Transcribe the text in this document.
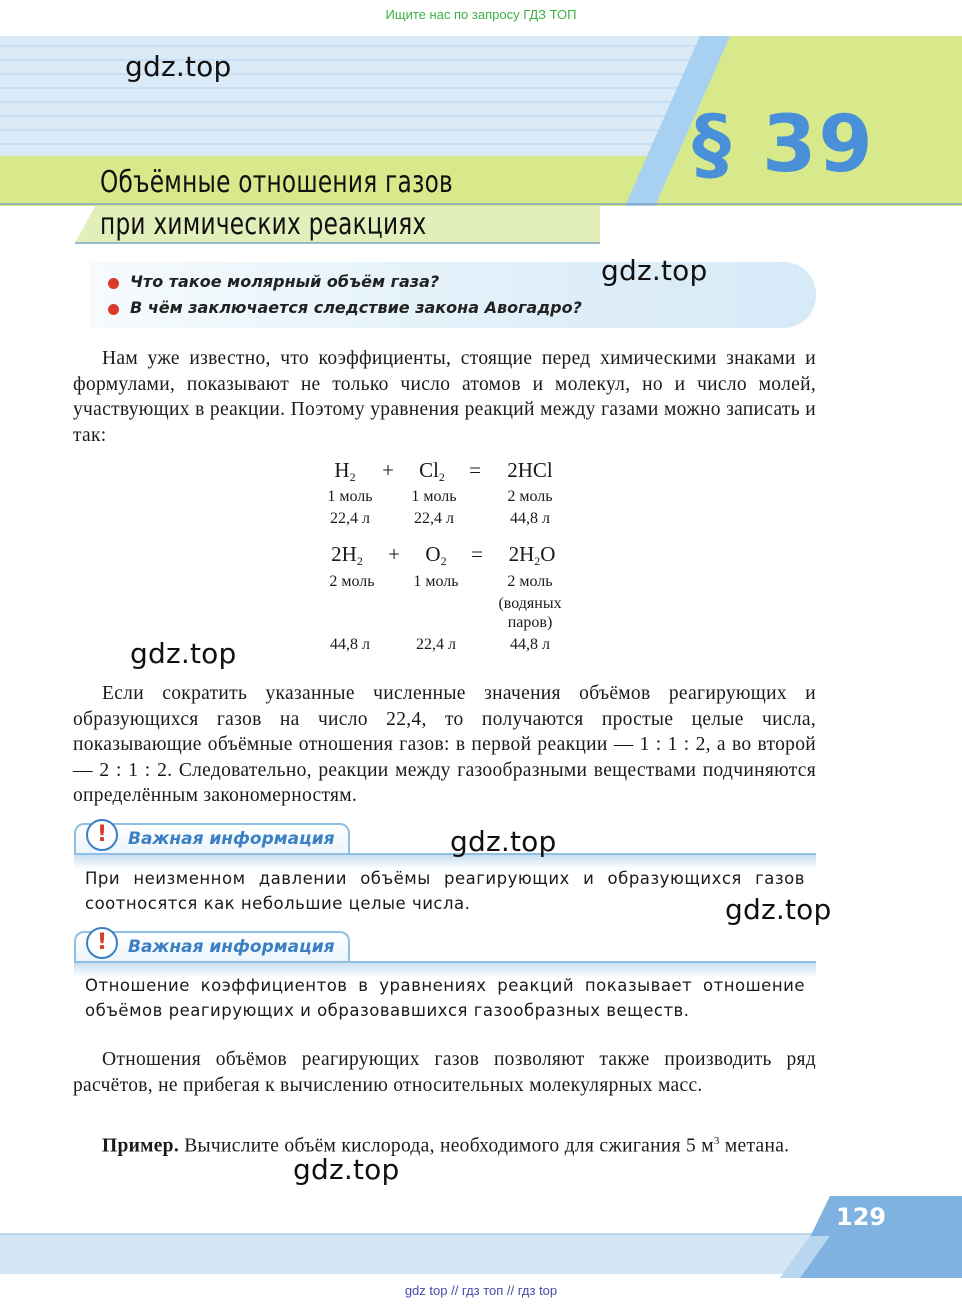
Ищите нас по запросу ГДЗ ТОП
gdz.top
§ 39
Объёмные отношения газов
при химических реакциях
Что такое молярный объём газа?
В чём заключается следствие закона Авогадро?
gdz.top
Нам уже известно, что коэффициенты, стоящие перед химическими знаками и формулами, показывают не только число атомов и молекул, но и число молей, участвующих в реакции. Поэтому уравнения реакций между газами можно записать и так:
$H_2$	+	$Cl_2$	=	2HCl
1 моль	1 моль	2 моль
22,4 л	22,4 л	44,8 л
$2H_2$	+	$O_2$	=	$2H_2O$
2 моль	1 моль	2 моль
(водяных
паров)
44,8 л	22,4 л	44,8 л
gdz.top
Если сократить указанные численные значения объёмов реагирующих и образующихся газов на число 22,4, то получаются простые целые числа, показывающие объёмные отношения газов: в первой реакции — 1 : 1 : 2, а во второй — 2 : 1 : 2. Следовательно, реакции между газообразными веществами подчиняются определённым закономерностям.
!	Важная информация
При неизменном давлении объёмы реагирующих и образующихся газов соотносятся как небольшие целые числа.
gdz.top
gdz.top
!	Важная информация
Отношение коэффициентов в уравнениях реакций показывает отношение объёмов реагирующих и образовавшихся газообразных веществ.
Отношения объёмов реагирующих газов позволяют также производить ряд расчётов, не прибегая к вычислению относительных молекулярных масс.
Пример. Вычислите объём кислорода, необходимого для сжигания 5 $м^3$ метана.
gdz.top
129
gdz top // гдз топ // гдз top
